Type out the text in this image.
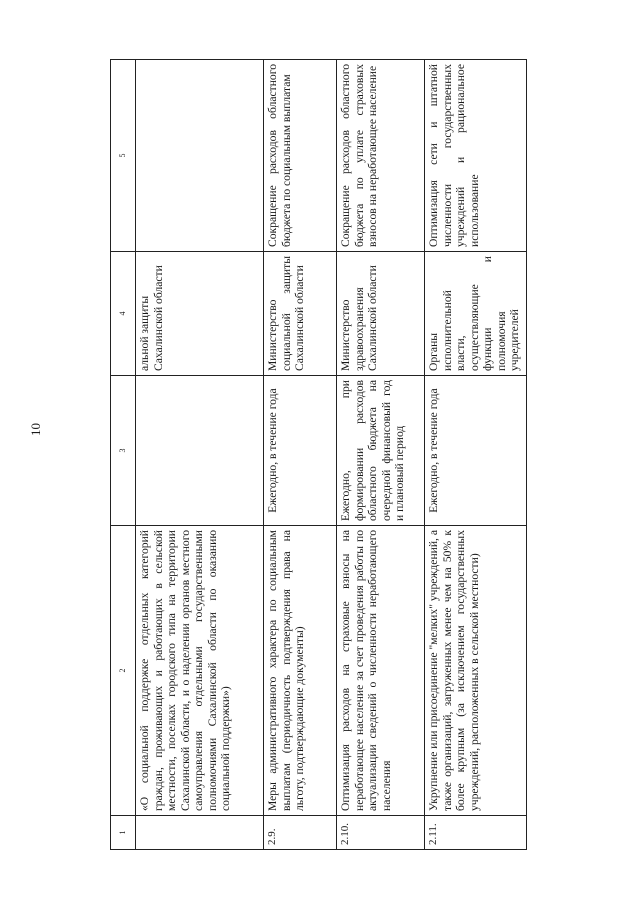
10
1	2	3	4	5
	«О социальной поддержке отдельных категорий граждан, проживающих и работающих в сельской местности, поселках городского типа на территории Сахалинской области, и о наделении органов местного самоуправления отдельными государственными полномочиями Сахалинской области по оказанию социальной поддержки»)		альной защиты Сахалинской области	
2.9.	Меры административного характера по социальным выплатам (периодичность подтверждения права на льготу, подтверждающие документы)	Ежегодно, в течение года	Министерство социальной защиты Сахалинской области	Сокращение расходов областного бюджета по социальным выплатам
2.10.	Оптимизация расходов на страховые взносы на неработающее население за счет проведения работы по актуализации сведений о численности неработающего населения	Ежегодно, при формировании расходов областного бюджета на очередной финансовый год и плановый период	Министерство здравоохранения Сахалинской области	Сокращение расходов областного бюджета по уплате страховых взносов на неработающее население
2.11.	Укрупнение или присоединение "мелких" учреждений, а также организаций, загруженных менее чем на 50% к более крупным (за исключением государственных учреждений, расположенных в сельской местности)	Ежегодно, в течение года	Органы исполнительной власти, осуществляющие функции и полномочия учредителей	Оптимизация сети и штатной численности государственных учреждений и рациональное использование
